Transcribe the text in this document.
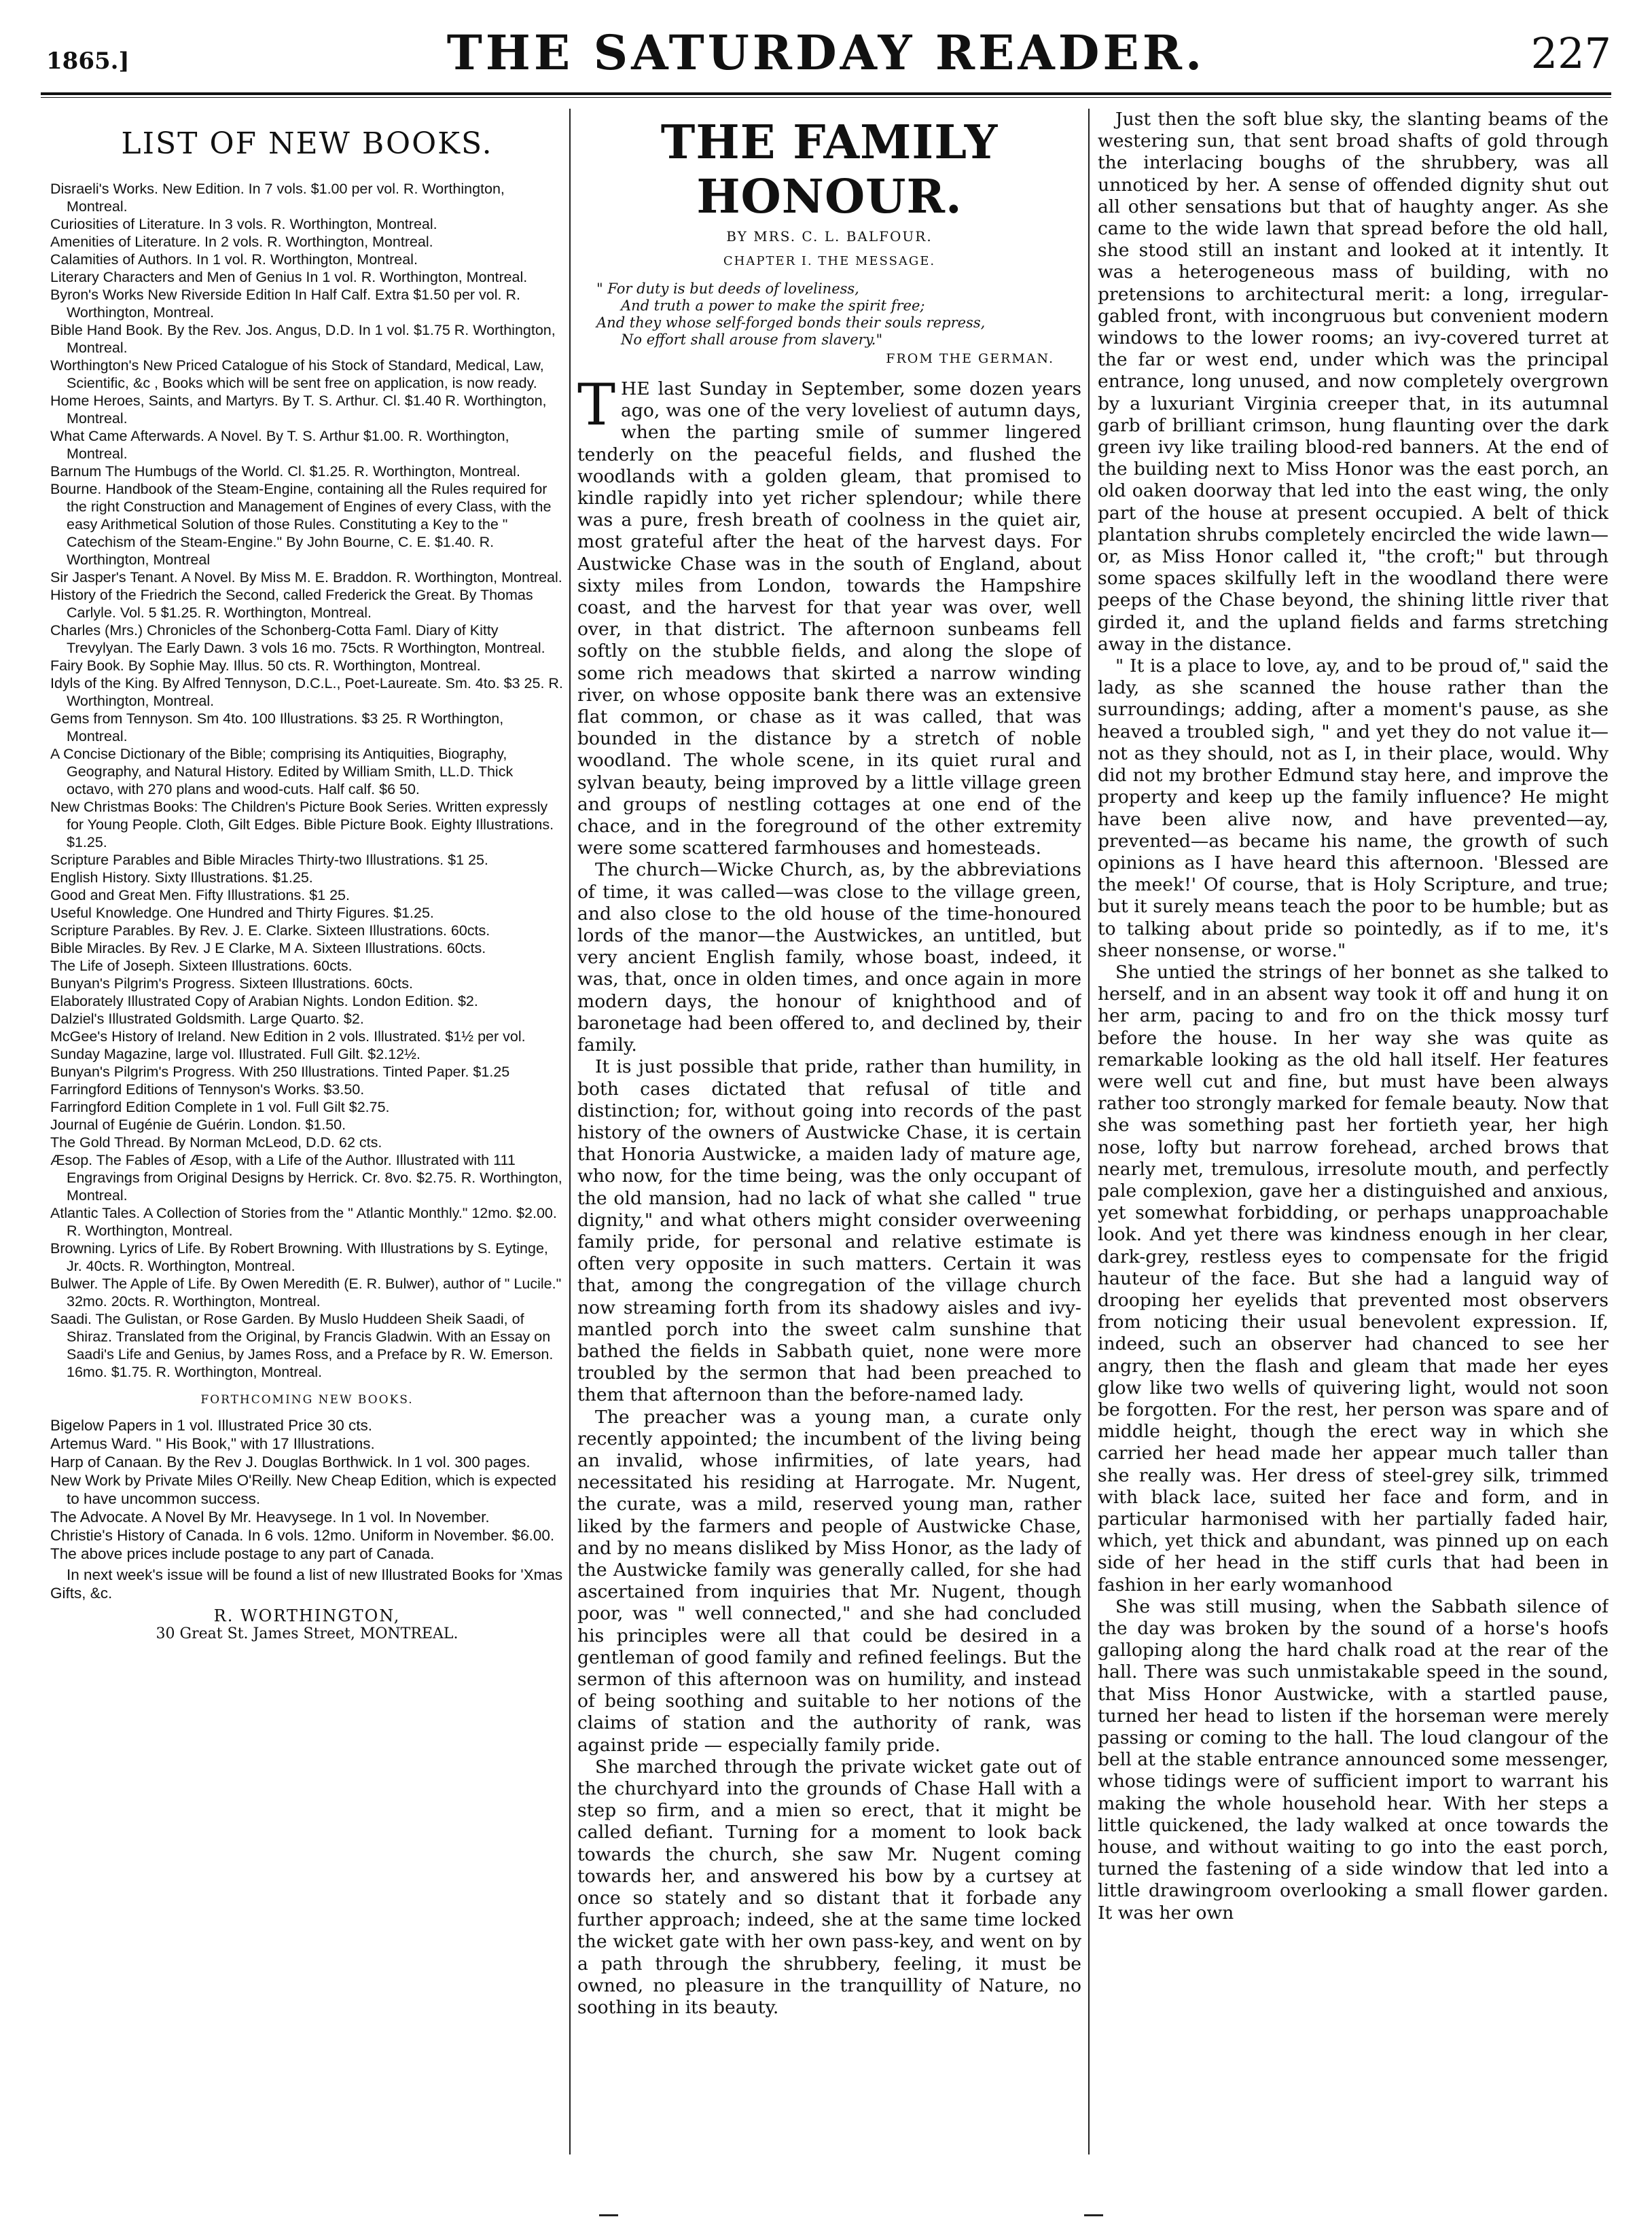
1865.]	THE SATURDAY READER.	227
LIST OF NEW BOOKS.
Disraeli's Works. New Edition. In 7 vols. $1.00 per vol. R. Worthington, Montreal.
Curiosities of Literature. In 3 vols. R. Worthington, Montreal.
Amenities of Literature. In 2 vols. R. Worthington, Montreal.
Calamities of Authors. In 1 vol. R. Worthington, Montreal.
Literary Characters and Men of Genius In 1 vol. R. Worthington, Montreal.
Byron's Works New Riverside Edition In Half Calf. Extra $1.50 per vol. R. Worthington, Montreal.
Bible Hand Book. By the Rev. Jos. Angus, D.D. In 1 vol. $1.75 R. Worthington, Montreal.
Worthington's New Priced Catalogue of his Stock of Standard, Medical, Law, Scientific, &c , Books which will be sent free on application, is now ready.
Home Heroes, Saints, and Martyrs. By T. S. Arthur. Cl. $1.40 R. Worthington, Montreal.
What Came Afterwards. A Novel. By T. S. Arthur $1.00. R. Worthington, Montreal.
Barnum The Humbugs of the World. Cl. $1.25. R. Worthington, Montreal.
Bourne. Handbook of the Steam-Engine, containing all the Rules required for the right Construction and Management of Engines of every Class, with the easy Arithmetical Solution of those Rules. Constituting a Key to the " Catechism of the Steam-Engine." By John Bourne, C. E. $1.40. R. Worthington, Montreal
Sir Jasper's Tenant. A Novel. By Miss M. E. Braddon. R. Worthington, Montreal.
History of the Friedrich the Second, called Frederick the Great. By Thomas Carlyle. Vol. 5 $1.25. R. Worthington, Montreal.
Charles (Mrs.) Chronicles of the Schonberg-Cotta Faml. Diary of Kitty Trevylyan. The Early Dawn. 3 vols 16 mo. 75cts. R Worthington, Montreal.
Fairy Book. By Sophie May. Illus. 50 cts. R. Worthington, Montreal.
Idyls of the King. By Alfred Tennyson, D.C.L., Poet-Laureate. Sm. 4to. $3 25. R. Worthington, Montreal.
Gems from Tennyson. Sm 4to. 100 Illustrations. $3 25. R Worthington, Montreal.
A Concise Dictionary of the Bible; comprising its Antiquities, Biography, Geography, and Natural History. Edited by William Smith, LL.D. Thick octavo, with 270 plans and wood-cuts. Half calf. $6 50.
New Christmas Books: The Children's Picture Book Series. Written expressly for Young People. Cloth, Gilt Edges. Bible Picture Book. Eighty Illustrations. $1.25.
Scripture Parables and Bible Miracles Thirty-two Illustrations. $1 25.
English History. Sixty Illustrations. $1.25.
Good and Great Men. Fifty Illustrations. $1 25.
Useful Knowledge. One Hundred and Thirty Figures. $1.25.
Scripture Parables. By Rev. J. E. Clarke. Sixteen Illustrations. 60cts.
Bible Miracles. By Rev. J E Clarke, M A. Sixteen Illustrations. 60cts.
The Life of Joseph. Sixteen Illustrations. 60cts.
Bunyan's Pilgrim's Progress. Sixteen Illustrations. 60cts.
Elaborately Illustrated Copy of Arabian Nights. London Edition. $2.
Dalziel's Illustrated Goldsmith. Large Quarto. $2.
McGee's History of Ireland. New Edition in 2 vols. Illustrated. $1½ per vol.
Sunday Magazine, large vol. Illustrated. Full Gilt. $2.12½.
Bunyan's Pilgrim's Progress. With 250 Illustrations. Tinted Paper. $1.25
Farringford Editions of Tennyson's Works. $3.50.
Farringford Edition Complete in 1 vol. Full Gilt $2.75.
Journal of Eugénie de Guérin. London. $1.50.
The Gold Thread. By Norman McLeod, D.D. 62 cts.
Æsop. The Fables of Æsop, with a Life of the Author. Illustrated with 111 Engravings from Original Designs by Herrick. Cr. 8vo. $2.75. R. Worthington, Montreal.
Atlantic Tales. A Collection of Stories from the " Atlantic Monthly." 12mo. $2.00. R. Worthington, Montreal.
Browning. Lyrics of Life. By Robert Browning. With Illustrations by S. Eytinge, Jr. 40cts. R. Worthington, Montreal.
Bulwer. The Apple of Life. By Owen Meredith (E. R. Bulwer), author of " Lucile." 32mo. 20cts. R. Worthington, Montreal.
Saadi. The Gulistan, or Rose Garden. By Muslo Huddeen Sheik Saadi, of Shiraz. Translated from the Original, by Francis Gladwin. With an Essay on Saadi's Life and Genius, by James Ross, and a Preface by R. W. Emerson. 16mo. $1.75. R. Worthington, Montreal.
FORTHCOMING NEW BOOKS.
Bigelow Papers in 1 vol. Illustrated Price 30 cts.
Artemus Ward. " His Book," with 17 Illustrations.
Harp of Canaan. By the Rev J. Douglas Borthwick. In 1 vol. 300 pages.
New Work by Private Miles O'Reilly. New Cheap Edition, which is expected to have uncommon success.
The Advocate. A Novel By Mr. Heavysege. In 1 vol. In November.
Christie's History of Canada. In 6 vols. 12mo. Uniform in November. $6.00.
The above prices include postage to any part of Canada.

In next week's issue will be found a list of new Illustrated Books for 'Xmas Gifts, &c.

R. WORTHINGTON,

30 Great St. James Street, MONTREAL.

THE FAMILY HONOUR.
BY MRS. C. L. BALFOUR.
CHAPTER I. THE MESSAGE.
" For duty is but deeds of loveliness,
And truth a power to make the spirit free;
And they whose self-forged bonds their souls repress,
No effort shall arouse from slavery."
FROM THE GERMAN.

THE last Sunday in September, some dozen years ago, was one of the very loveliest of autumn days, when the parting smile of summer lingered tenderly on the peaceful fields, and flushed the woodlands with a golden gleam, that promised to kindle rapidly into yet richer splendour; while there was a pure, fresh breath of coolness in the quiet air, most grateful after the heat of the harvest days. For Austwicke Chase was in the south of England, about sixty miles from London, towards the Hampshire coast, and the harvest for that year was over, well over, in that district. The afternoon sunbeams fell softly on the stubble fields, and along the slope of some rich meadows that skirted a narrow winding river, on whose opposite bank there was an extensive flat common, or chase as it was called, that was bounded in the distance by a stretch of noble woodland. The whole scene, in its quiet rural and sylvan beauty, being improved by a little village green and groups of nestling cottages at one end of the chace, and in the foreground of the other extremity were some scattered farmhouses and homesteads.

The church—Wicke Church, as, by the abbreviations of time, it was called—was close to the village green, and also close to the old house of the time-honoured lords of the manor—the Austwickes, an untitled, but very ancient English family, whose boast, indeed, it was, that, once in olden times, and once again in more modern days, the honour of knighthood and of baronetage had been offered to, and declined by, their family.

It is just possible that pride, rather than humility, in both cases dictated that refusal of title and distinction; for, without going into records of the past history of the owners of Austwicke Chase, it is certain that Honoria Austwicke, a maiden lady of mature age, who now, for the time being, was the only occupant of the old mansion, had no lack of what she called " true dignity," and what others might consider overweening family pride, for personal and relative estimate is often very opposite in such matters. Certain it was that, among the congregation of the village church now streaming forth from its shadowy aisles and ivy-mantled porch into the sweet calm sunshine that bathed the fields in Sabbath quiet, none were more troubled by the sermon that had been preached to them that afternoon than the before-named lady.

The preacher was a young man, a curate only recently appointed; the incumbent of the living being an invalid, whose infirmities, of late years, had necessitated his residing at Harrogate. Mr. Nugent, the curate, was a mild, reserved young man, rather liked by the farmers and people of Austwicke Chase, and by no means disliked by Miss Honor, as the lady of the Austwicke family was generally called, for she had ascertained from inquiries that Mr. Nugent, though poor, was " well connected," and she had concluded his principles were all that could be desired in a gentleman of good family and refined feelings. But the sermon of this afternoon was on humility, and instead of being soothing and suitable to her notions of the claims of station and the authority of rank, was against pride — especially family pride.

She marched through the private wicket gate out of the churchyard into the grounds of Chase Hall with a step so firm, and a mien so erect, that it might be called defiant. Turning for a moment to look back towards the church, she saw Mr. Nugent coming towards her, and answered his bow by a curtsey at once so stately and so distant that it forbade any further approach; indeed, she at the same time locked the wicket gate with her own pass-key, and went on by a path through the shrubbery, feeling, it must be owned, no pleasure in the tranquillity of Nature, no soothing in its beauty.

Just then the soft blue sky, the slanting beams of the westering sun, that sent broad shafts of gold through the interlacing boughs of the shrubbery, was all unnoticed by her. A sense of offended dignity shut out all other sensations but that of haughty anger. As she came to the wide lawn that spread before the old hall, she stood still an instant and looked at it intently. It was a heterogeneous mass of building, with no pretensions to architectural merit: a long, irregular-gabled front, with incongruous but convenient modern windows to the lower rooms; an ivy-covered turret at the far or west end, under which was the principal entrance, long unused, and now completely overgrown by a luxuriant Virginia creeper that, in its autumnal garb of brilliant crimson, hung flaunting over the dark green ivy like trailing blood-red banners. At the end of the building next to Miss Honor was the east porch, an old oaken doorway that led into the east wing, the only part of the house at present occupied. A belt of thick plantation shrubs completely encircled the wide lawn—or, as Miss Honor called it, "the croft;" but through some spaces skilfully left in the woodland there were peeps of the Chase beyond, the shining little river that girded it, and the upland fields and farms stretching away in the distance.

" It is a place to love, ay, and to be proud of," said the lady, as she scanned the house rather than the surroundings; adding, after a moment's pause, as she heaved a troubled sigh, " and yet they do not value it—not as they should, not as I, in their place, would. Why did not my brother Edmund stay here, and improve the property and keep up the family influence? He might have been alive now, and have prevented—ay, prevented—as became his name, the growth of such opinions as I have heard this afternoon. 'Blessed are the meek!' Of course, that is Holy Scripture, and true; but it surely means teach the poor to be humble; but as to talking about pride so pointedly, as if to me, it's sheer nonsense, or worse."

She untied the strings of her bonnet as she talked to herself, and in an absent way took it off and hung it on her arm, pacing to and fro on the thick mossy turf before the house. In her way she was quite as remarkable looking as the old hall itself. Her features were well cut and fine, but must have been always rather too strongly marked for female beauty. Now that she was something past her fortieth year, her high nose, lofty but narrow forehead, arched brows that nearly met, tremulous, irresolute mouth, and perfectly pale complexion, gave her a distinguished and anxious, yet somewhat forbidding, or perhaps unapproachable look. And yet there was kindness enough in her clear, dark-grey, restless eyes to compensate for the frigid hauteur of the face. But she had a languid way of drooping her eyelids that prevented most observers from noticing their usual benevolent expression. If, indeed, such an observer had chanced to see her angry, then the flash and gleam that made her eyes glow like two wells of quivering light, would not soon be forgotten. For the rest, her person was spare and of middle height, though the erect way in which she carried her head made her appear much taller than she really was. Her dress of steel-grey silk, trimmed with black lace, suited her face and form, and in particular harmonised with her partially faded hair, which, yet thick and abundant, was pinned up on each side of her head in the stiff curls that had been in fashion in her early womanhood

She was still musing, when the Sabbath silence of the day was broken by the sound of a horse's hoofs galloping along the hard chalk road at the rear of the hall. There was such unmistakable speed in the sound, that Miss Honor Austwicke, with a startled pause, turned her head to listen if the horseman were merely passing or coming to the hall. The loud clangour of the bell at the stable entrance announced some messenger, whose tidings were of sufficient import to warrant his making the whole household hear. With her steps a little quickened, the lady walked at once towards the house, and without waiting to go into the east porch, turned the fastening of a side window that led into a little drawingroom overlooking a small flower garden. It was her own
